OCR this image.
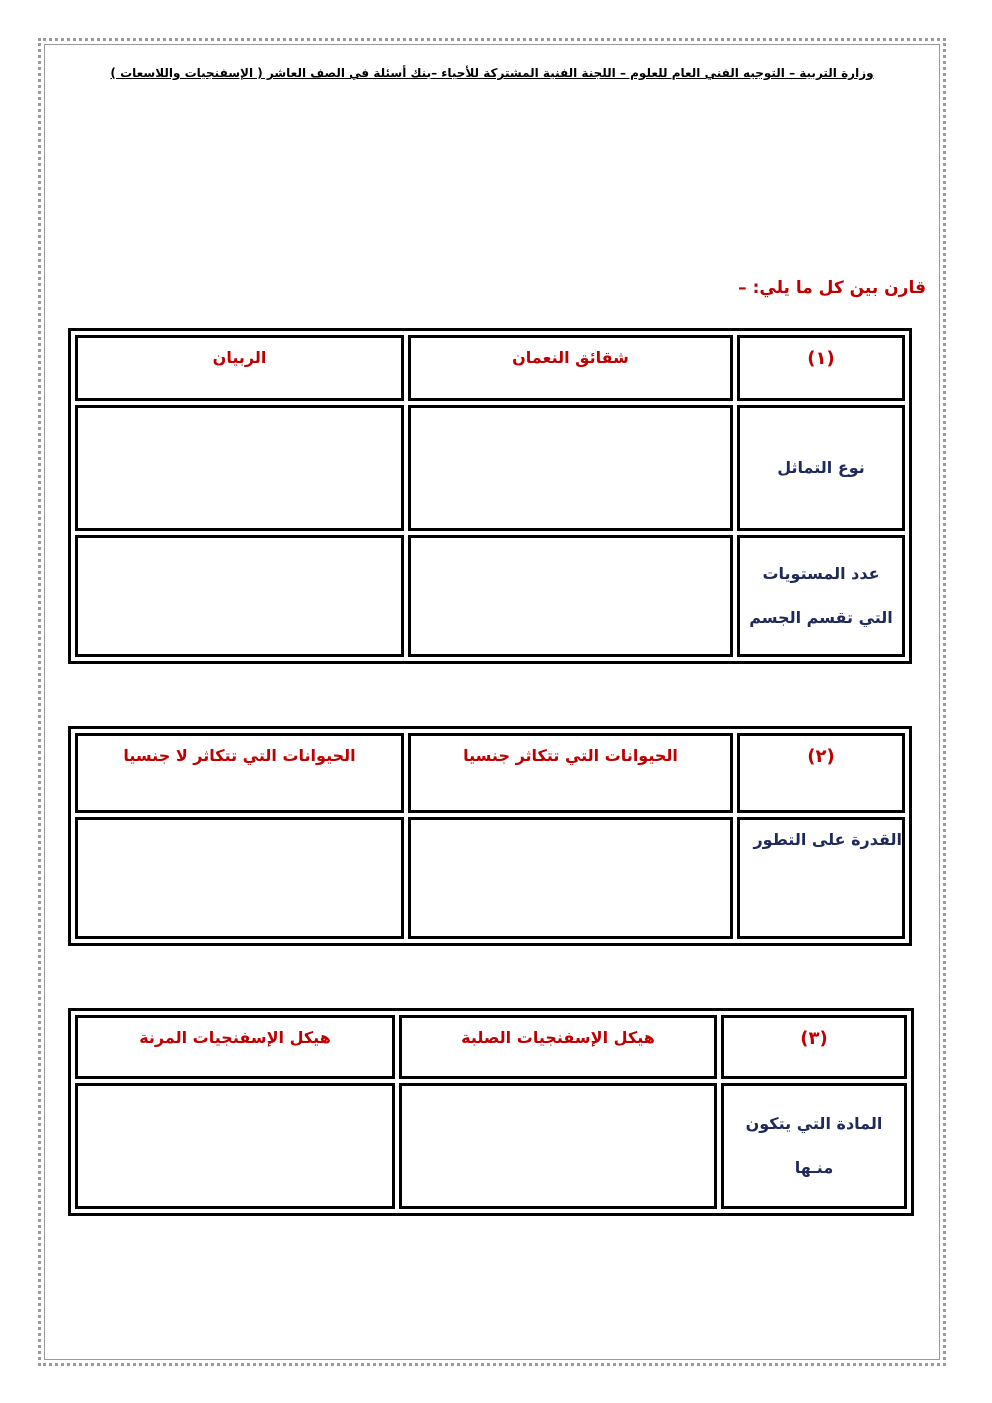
وزارة التربية – التوجيه الفني العام للعلوم – اللجنة الفنية المشتركة للأحياء –بنك أسئلة في الصف العاشر ( الإسفنجيات واللاسعات )
قارن بين كل ما يلي: –
(١)	شقائق النعمان	الربيان
نوع التماثل		

عدد المستويات
التي تقسم الجسم		

(٢)	الحيوانات التي تتكاثر جنسيا	الحيوانات التي تتكاثر لا جنسيا
القدرة على التطور		
(٣)	هيكل الإسفنجيات الصلبة	هيكل الإسفنجيات المرنة
المادة التي يتكون منـها		
